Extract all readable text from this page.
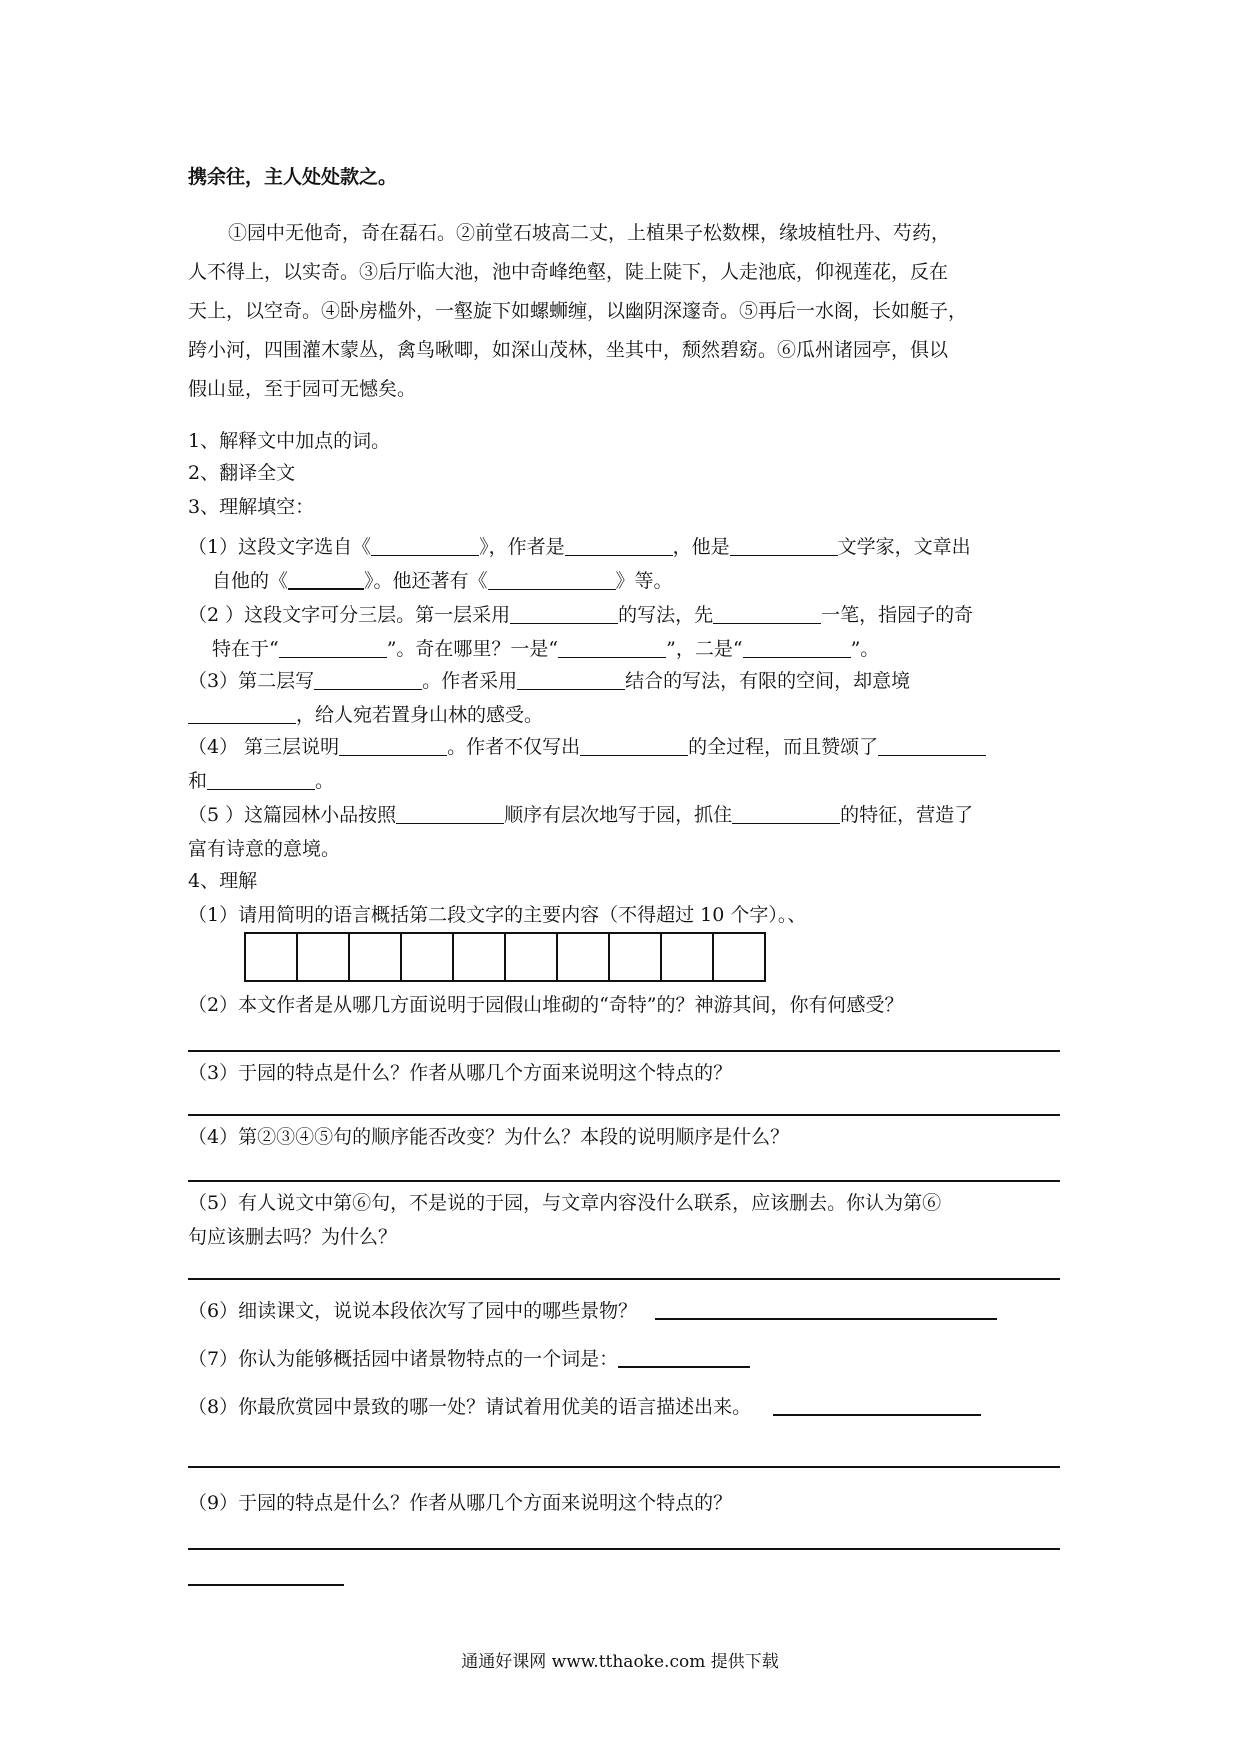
携余往，主人处处款之。
①园中无他奇，奇在磊石。②前堂石坡高二丈，上植果子松数棵，缘坡植牡丹、芍药，
人不得上，以实奇。③后厅临大池，池中奇峰绝壑，陡上陡下，人走池底，仰视莲花，反在
天上，以空奇。④卧房槛外，一壑旋下如螺蛳缠，以幽阴深邃奇。⑤再后一水阁，长如艇子，
跨小河，四围灌木蒙丛，禽鸟啾唧，如深山茂林，坐其中，颓然碧窈。⑥瓜州诸园亭，俱以
假山显，至于园可无憾矣。
1、解释文中加点的词。
2、翻译全文
3、理解填空：
（1）这段文字选自《	》，作者是	，他是	文学家，文章出
自他的《	》。他还著有《	》等。
（2 ）这段文字可分三层。第一层采用	的写法，先	一笔，指园子的奇
特在于“	”。奇在哪里？一是“	”，二是“	”。
（3）第二层写	。作者采用	结合的写法，有限的空间，却意境
，给人宛若置身山林的感受。
（4） 第三层说明	。作者不仅写出	的全过程，而且赞颂了
和	。
（5 ）这篇园林小品按照	顺序有层次地写于园，抓住	的特征，营造了
富有诗意的意境。
4、理解
（1）请用简明的语言概括第二段文字的主要内容（不得超过 10 个字）。、
（2）本文作者是从哪几方面说明于园假山堆砌的“奇特”的？神游其间，你有何感受？
（3）于园的特点是什么？作者从哪几个方面来说明这个特点的？
（4）第②③④⑤句的顺序能否改变？为什么？本段的说明顺序是什么？
（5）有人说文中第⑥句，不是说的于园，与文章内容没什么联系，应该删去。你认为第⑥
句应该删去吗？为什么？
（6）细读课文，说说本段依次写了园中的哪些景物？
（7）你认为能够概括园中诸景物特点的一个词是：
（8）你最欣赏园中景致的哪一处？请试着用优美的语言描述出来。
（9）于园的特点是什么？作者从哪几个方面来说明这个特点的？
通通好课网 www.tthaoke.com 提供下载
